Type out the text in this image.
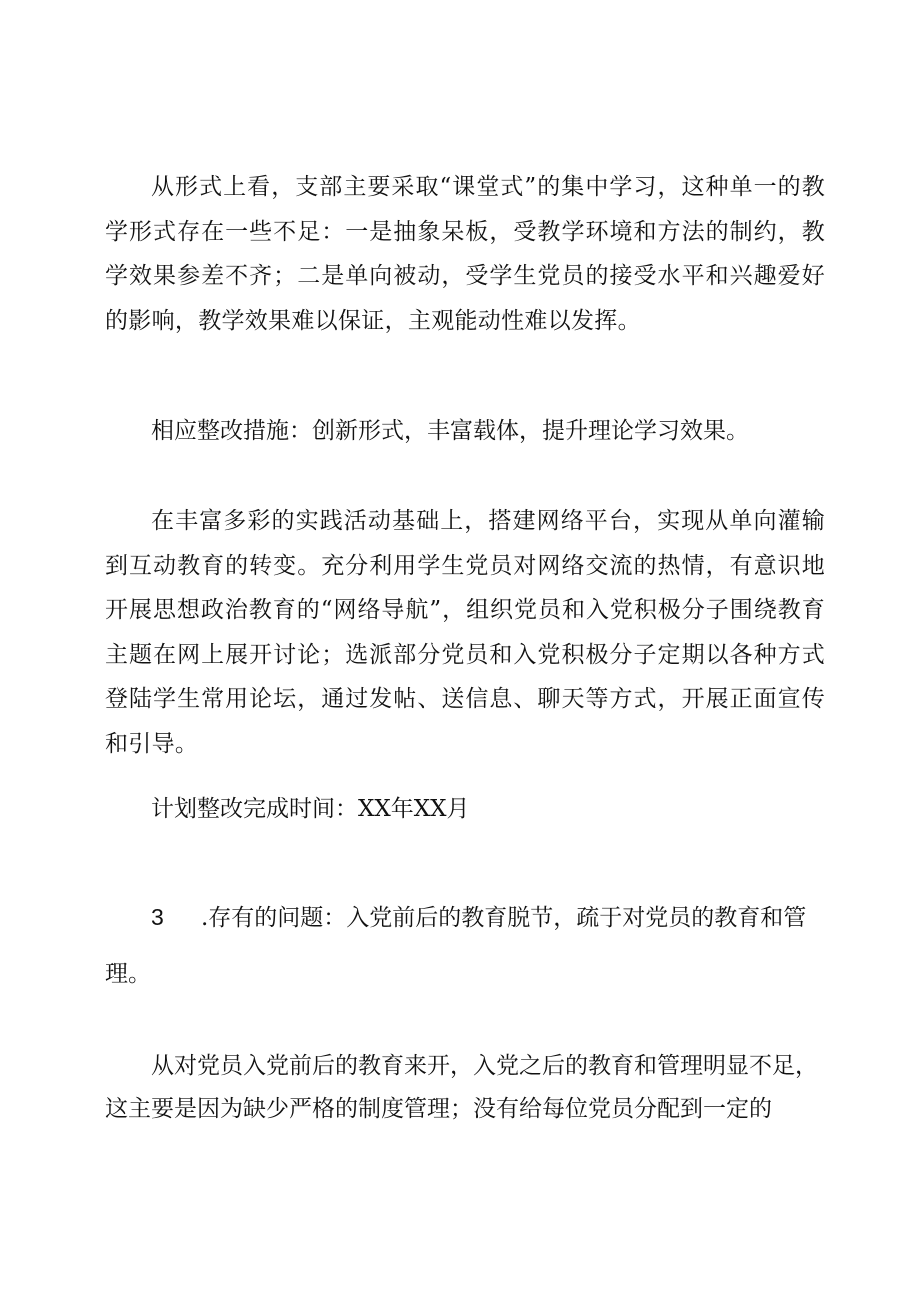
从形式上看，支部主要采取“课堂式”的集中学习，这种单一的教学形式存在一些不足：一是抽象呆板，受教学环境和方法的制约，教学效果参差不齐；二是单向被动，受学生党员的接受水平和兴趣爱好的影响，教学效果难以保证，主观能动性难以发挥。

相应整改措施：创新形式，丰富载体，提升理论学习效果。

在丰富多彩的实践活动基础上，搭建网络平台，实现从单向灌输到互动教育的转变。充分利用学生党员对网络交流的热情，有意识地开展思想政治教育的“网络导航”，组织党员和入党积极分子围绕教育主题在网上展开讨论；选派部分党员和入党积极分子定期以各种方式登陆学生常用论坛，通过发帖、送信息、聊天等方式，开展正面宣传和引导。

计划整改完成时间：XX年XX月

3 .存有的问题：入党前后的教育脱节，疏于对党员的教育和管

理。

从对党员入党前后的教育来开，入党之后的教育和管理明显不足，这主要是因为缺少严格的制度管理；没有给每位党员分配到一定的
